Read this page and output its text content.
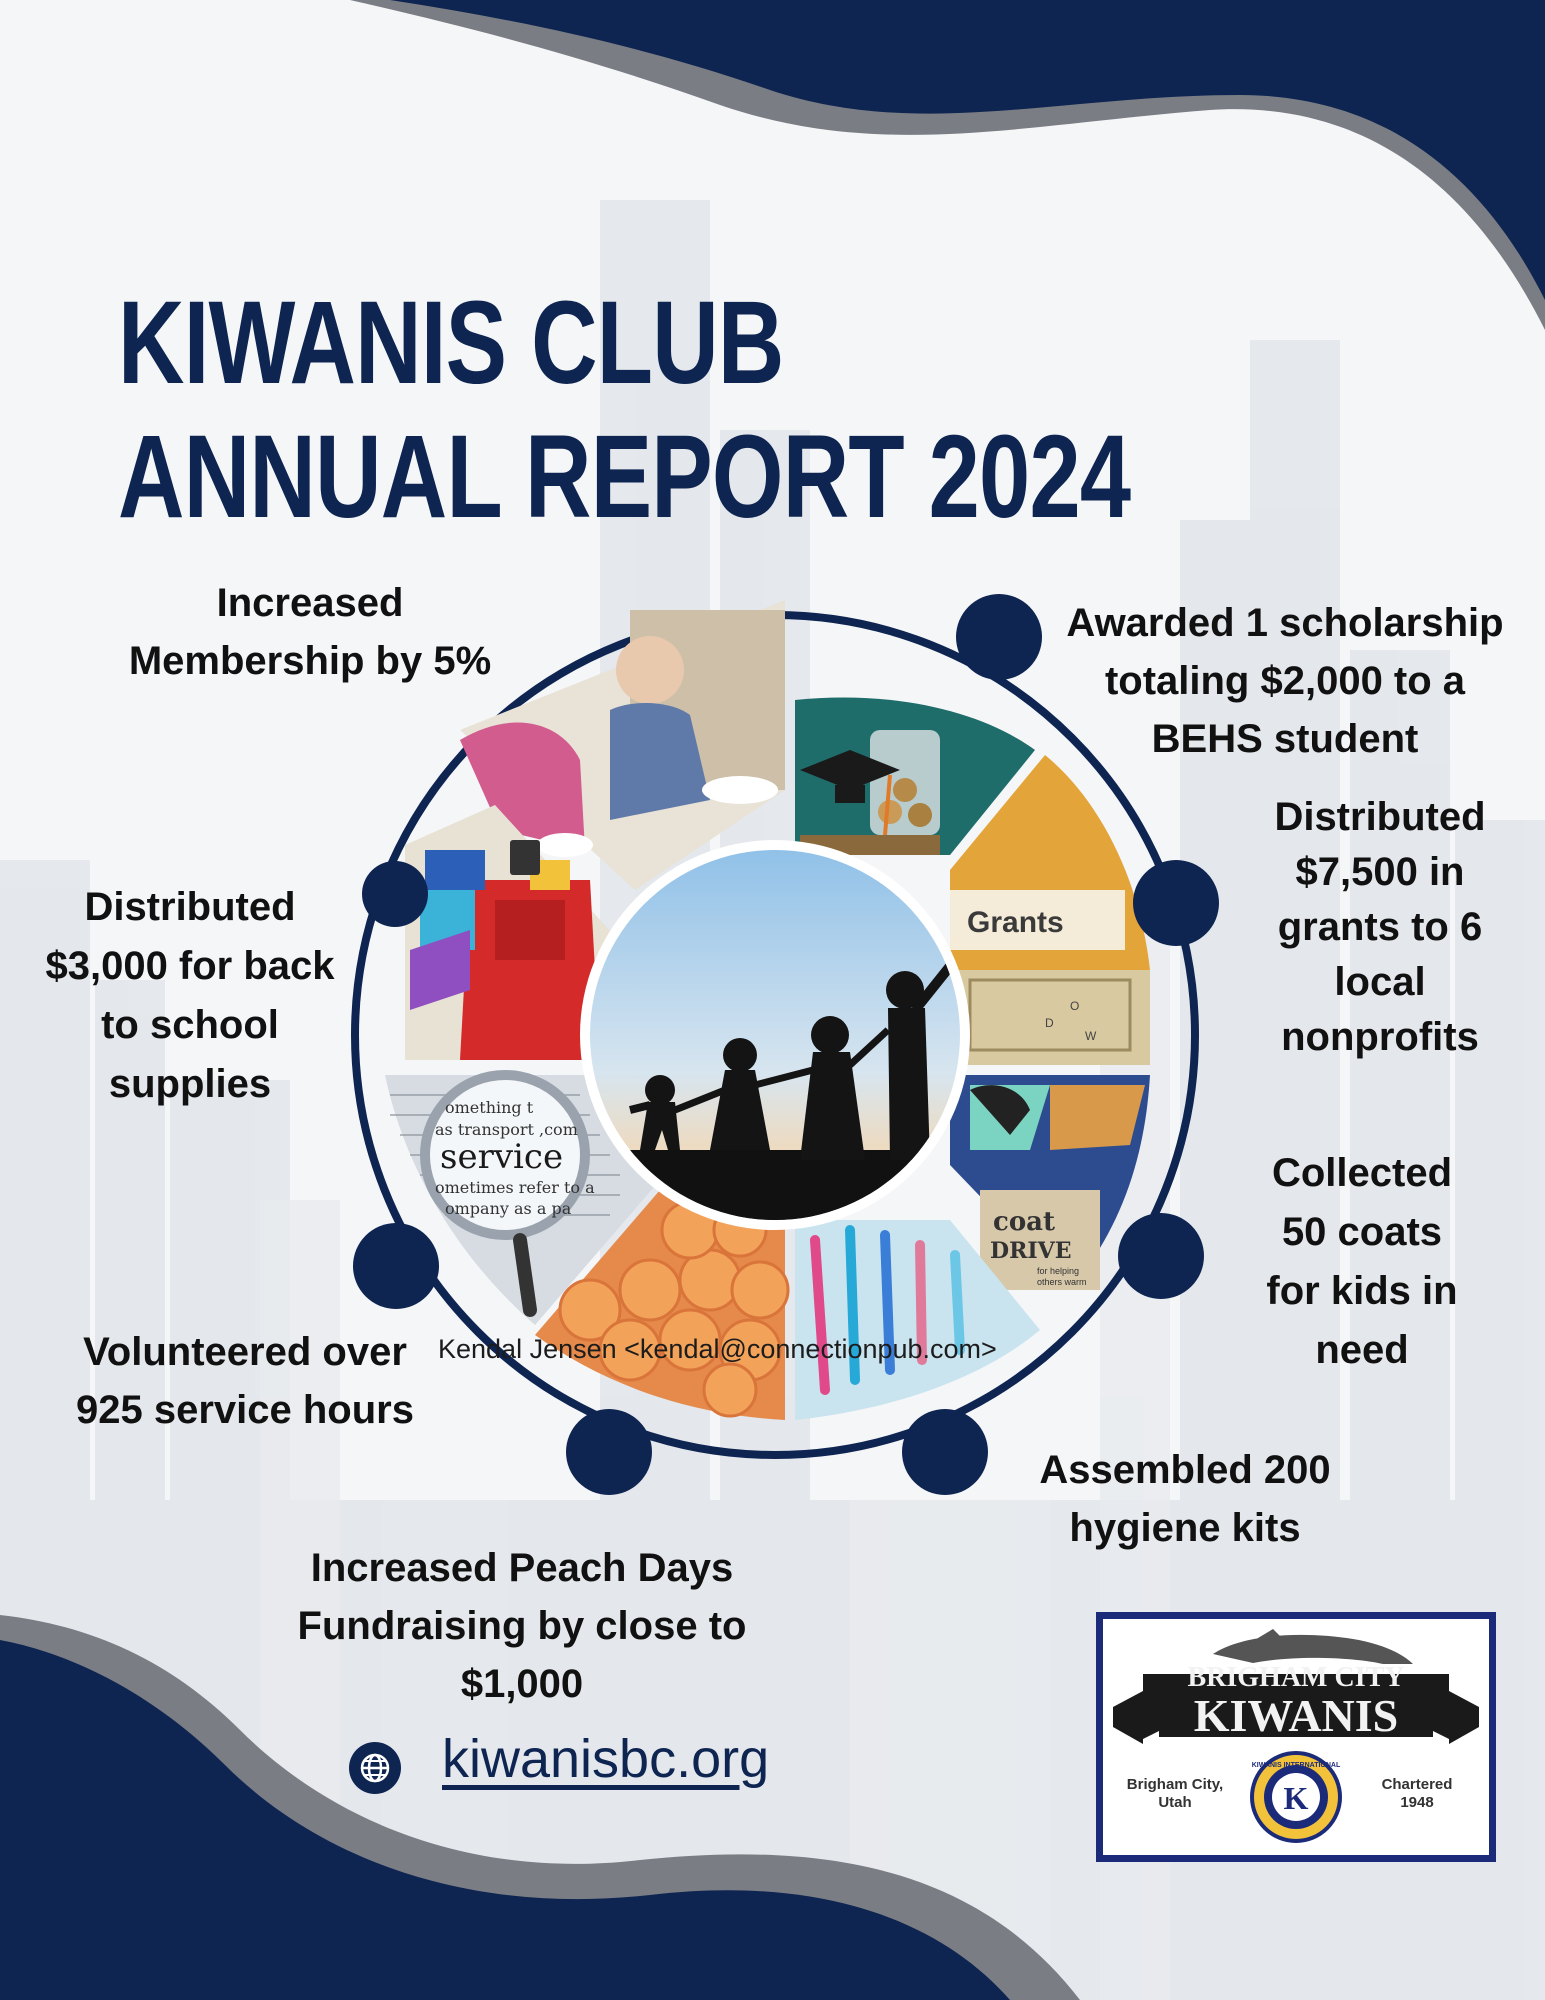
KIWANIS CLUB
ANNUAL REPORT 2024
Grants
D
O
W
coat
DRIVE
for helping
others warm
omething t
as transport ,com
service
ometimes refer to a
ompany as a pa
Increased
Membership by 5%
Awarded 1 scholarship
totaling $2,000 to a
BEHS student
Distributed
$7,500 in
grants to 6
local
nonprofits
Distributed
$3,000 for back
to school
supplies
Collected
50 coats
for kids in
need
Volunteered over
925 service hours
Assembled 200
hygiene kits
Increased Peach Days
Fundraising by close to
$1,000
Kendal Jensen <kendal@connectionpub.com>
kiwanisbc.org
BRIGHAM CITY
KIWANIS
Brigham City,
Utah
Chartered
1948
K
KIWANIS INTERNATIONAL
